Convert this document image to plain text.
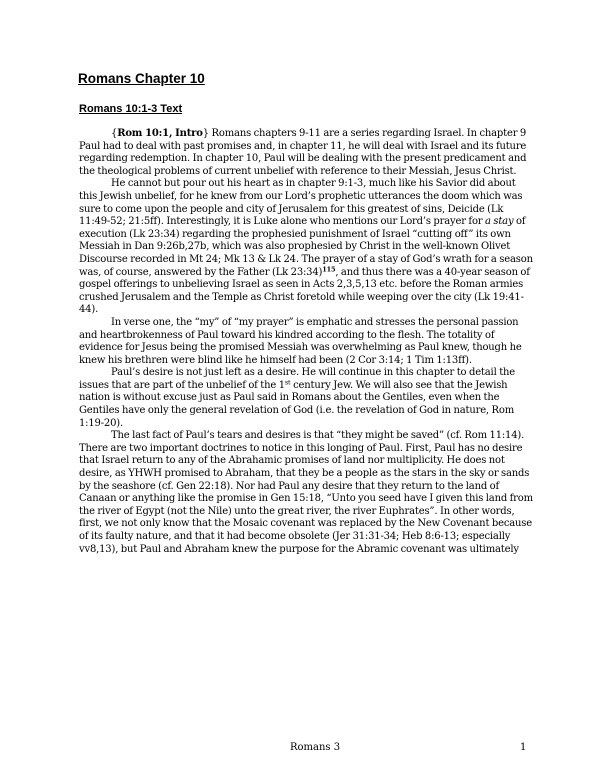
Romans Chapter 10
Romans 10:1-3 Text

{Rom 10:1, Intro} Romans chapters 9-11 are a series regarding Israel. In chapter 9 Paul had to deal with past promises and, in chapter 11, he will deal with Israel and its future regarding redemption. In chapter 10, Paul will be dealing with the present predicament and the theological problems of current unbelief with reference to their Messiah, Jesus Christ.

He cannot but pour out his heart as in chapter 9:1-3, much like his Savior did about this Jewish unbelief, for he knew from our Lord’s prophetic utterances the doom which was sure to come upon the people and city of Jerusalem for this greatest of sins, Deicide (Lk 11:49-52; 21:5ff). Interestingly, it is Luke alone who mentions our Lord’s prayer for a stay of execution (Lk 23:34) regarding the prophesied punishment of Israel “cutting off” its own Messiah in Dan 9:26b,27b, which was also prophesied by Christ in the well-known Olivet Discourse recorded in Mt 24; Mk 13 & Lk 24. The prayer of a stay of God’s wrath for a season was, of course, answered by the Father (Lk 23:34)$^{115}$, and thus there was a 40-year season of gospel offerings to unbelieving Israel as seen in Acts 2,3,5,13 etc. before the Roman armies crushed Jerusalem and the Temple as Christ foretold while weeping over the city (Lk 19:41-44).

In verse one, the “my” of “my prayer” is emphatic and stresses the personal passion and heartbrokenness of Paul toward his kindred according to the flesh. The totality of evidence for Jesus being the promised Messiah was overwhelming as Paul knew, though he knew his brethren were blind like he himself had been (2 Cor 3:14; 1 Tim 1:13ff).

Paul’s desire is not just left as a desire. He will continue in this chapter to detail the issues that are part of the unbelief of the 1st century Jew. We will also see that the Jewish nation is without excuse just as Paul said in Romans about the Gentiles, even when the Gentiles have only the general revelation of God (i.e. the revelation of God in nature, Rom 1:19-20).

The last fact of Paul’s tears and desires is that “they might be saved” (cf. Rom 11:14). There are two important doctrines to notice in this longing of Paul. First, Paul has no desire that Israel return to any of the Abrahamic promises of land nor multiplicity. He does not desire, as YHWH promised to Abraham, that they be a people as the stars in the sky or sands by the seashore (cf. Gen 22:18). Nor had Paul any desire that they return to the land of Canaan or anything like the promise in Gen 15:18, “Unto you seed have I given this land from the river of Egypt (not the Nile) unto the great river, the river Euphrates”. In other words, first, we not only know that the Mosaic covenant was replaced by the New Covenant because of its faulty nature, and that it had become obsolete (Jer 31:31-34; Heb 8:6-13; especially vv8,13), but Paul and Abraham knew the purpose for the Abramic covenant was ultimately

Romans 3	1
